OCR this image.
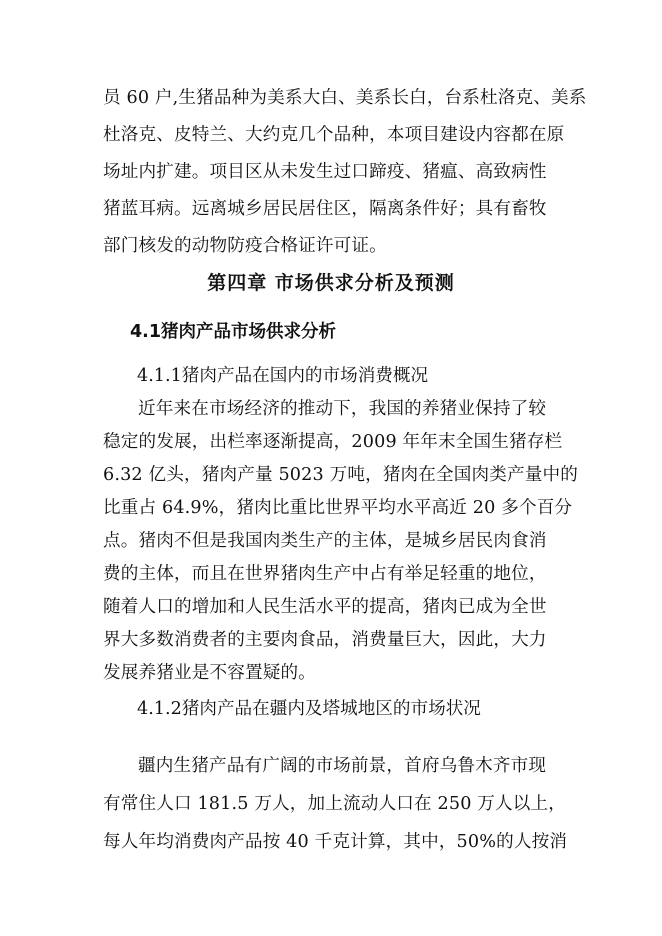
员 60 户,生猪品种为美系大白、美系长白，台系杜洛克、美系
杜洛克、皮特兰、大约克几个品种，本项目建设内容都在原
场址内扩建。项目区从未发生过口蹄疫、猪瘟、高致病性
猪蓝耳病。远离城乡居民居住区，隔离条件好；具有畜牧
部门核发的动物防疫合格证许可证。
第四章 市场供求分析及预测
4.1猪肉产品市场供求分析
4.1.1猪肉产品在国内的市场消费概况
近年来在市场经济的推动下，我国的养猪业保持了较
稳定的发展，出栏率逐渐提高，2009 年年末全国生猪存栏
6.32 亿头，猪肉产量 5023 万吨，猪肉在全国肉类产量中的
比重占 64.9%，猪肉比重比世界平均水平高近 20 多个百分
点。猪肉不但是我国肉类生产的主体，是城乡居民肉食消
费的主体，而且在世界猪肉生产中占有举足轻重的地位，
随着人口的增加和人民生活水平的提高，猪肉已成为全世
界大多数消费者的主要肉食品，消费量巨大，因此，大力
发展养猪业是不容置疑的。
4.1.2猪肉产品在疆内及塔城地区的市场状况
疆内生猪产品有广阔的市场前景，首府乌鲁木齐市现
有常住人口 181.5 万人，加上流动人口在 250 万人以上，
每人年均消费肉产品按 40 千克计算，其中，50%的人按消
